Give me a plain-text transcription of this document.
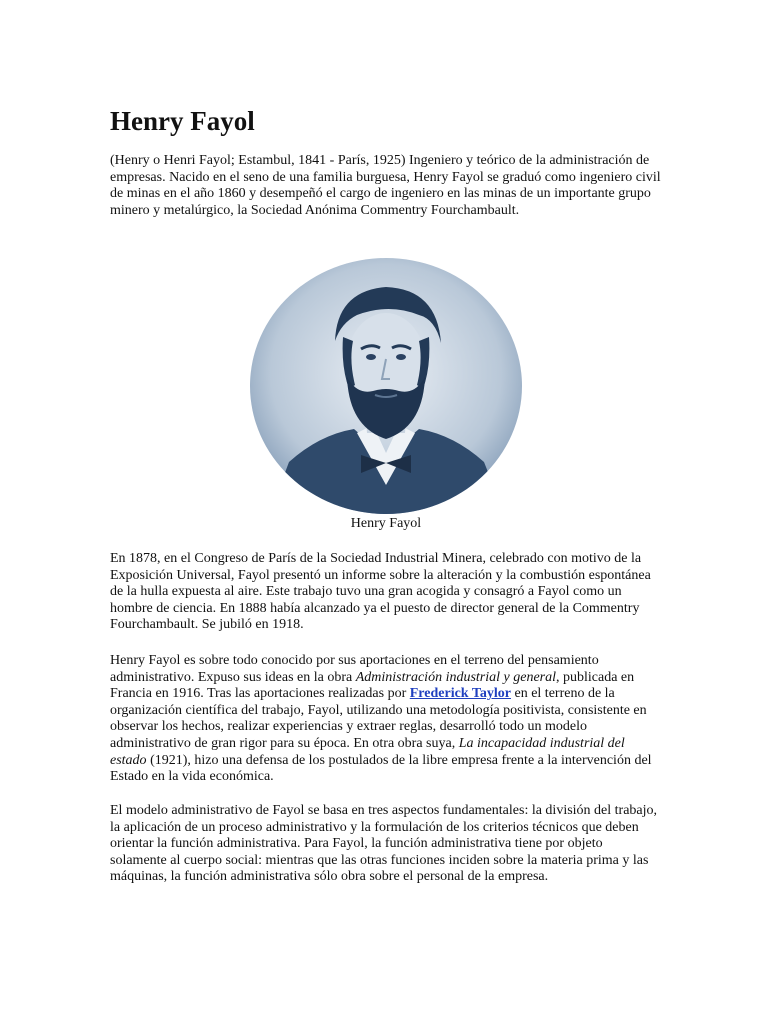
Henry Fayol

(Henry o Henri Fayol; Estambul, 1841 - París, 1925) Ingeniero y teórico de la administración de empresas. Nacido en el seno de una familia burguesa, Henry Fayol se graduó como ingeniero civil de minas en el año 1860 y desempeñó el cargo de ingeniero en las minas de un importante grupo minero y metalúrgico, la Sociedad Anónima Commentry Fourchambault.

Henry Fayol

En 1878, en el Congreso de París de la Sociedad Industrial Minera, celebrado con motivo de la Exposición Universal, Fayol presentó un informe sobre la alteración y la combustión espontánea de la hulla expuesta al aire. Este trabajo tuvo una gran acogida y consagró a Fayol como un hombre de ciencia. En 1888 había alcanzado ya el puesto de director general de la Commentry Fourchambault. Se jubiló en 1918.

Henry Fayol es sobre todo conocido por sus aportaciones en el terreno del pensamiento administrativo. Expuso sus ideas en la obra Administración industrial y general, publicada en Francia en 1916. Tras las aportaciones realizadas por Frederick Taylor en el terreno de la organización científica del trabajo, Fayol, utilizando una metodología positivista, consistente en observar los hechos, realizar experiencias y extraer reglas, desarrolló todo un modelo administrativo de gran rigor para su época. En otra obra suya, La incapacidad industrial del estado (1921), hizo una defensa de los postulados de la libre empresa frente a la intervención del Estado en la vida económica.

El modelo administrativo de Fayol se basa en tres aspectos fundamentales: la división del trabajo, la aplicación de un proceso administrativo y la formulación de los criterios técnicos que deben orientar la función administrativa. Para Fayol, la función administrativa tiene por objeto solamente al cuerpo social: mientras que las otras funciones inciden sobre la materia prima y las máquinas, la función administrativa sólo obra sobre el personal de la empresa.
